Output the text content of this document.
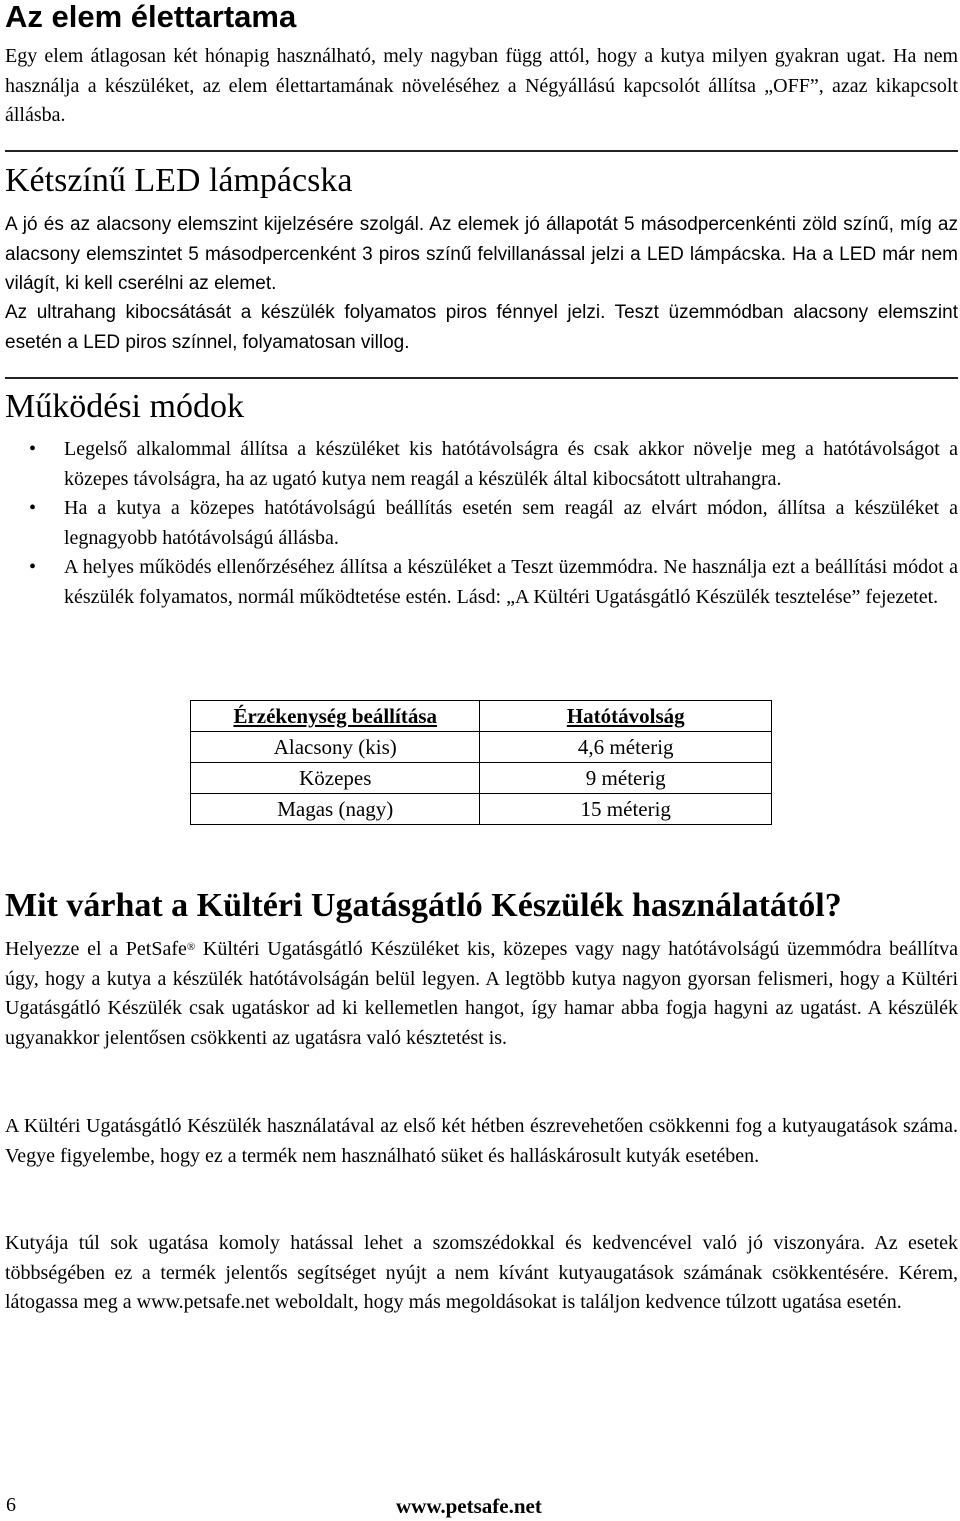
Az elem élettartama
Egy elem átlagosan két hónapig használható, mely nagyban függ attól, hogy a kutya milyen gyakran ugat. Ha nem használja a készüléket, az elem élettartamának növeléséhez a Négyállású kapcsolót állítsa „OFF”, azaz kikapcsolt állásba.
Kétszínű LED lámpácska
A jó és az alacsony elemszint kijelzésére szolgál. Az elemek jó állapotát 5 másodpercenkénti zöld színű, míg az alacsony elemszintet 5 másodpercenként 3 piros színű felvillanással jelzi a LED lámpácska. Ha a LED már nem világít, ki kell cserélni az elemet.
Az ultrahang kibocsátását a készülék folyamatos piros fénnyel jelzi. Teszt üzemmódban alacsony elemszint esetén a LED piros színnel, folyamatosan villog.
Működési módok
• Legelső alkalommal állítsa a készüléket kis hatótávolságra és csak akkor növelje meg a hatótávolságot a közepes távolságra, ha az ugató kutya nem reagál a készülék által kibocsátott ultrahangra.
• Ha a kutya a közepes hatótávolságú beállítás esetén sem reagál az elvárt módon, állítsa a készüléket a legnagyobb hatótávolságú állásba.
• A helyes működés ellenőrzéséhez állítsa a készüléket a Teszt üzemmódra. Ne használja ezt a beállítási módot a készülék folyamatos, normál működtetése estén. Lásd: „A Kültéri Ugatásgátló Készülék tesztelése” fejezetet.
Érzékenység beállítása	Hatótávolság
Alacsony (kis)	4,6 méterig
Közepes	9 méterig
Magas (nagy)	15 méterig
Mit várhat a Kültéri Ugatásgátló Készülék használatától?
Helyezze el a PetSafe® Kültéri Ugatásgátló Készüléket kis, közepes vagy nagy hatótávolságú üzemmódra beállítva úgy, hogy a kutya a készülék hatótávolságán belül legyen. A legtöbb kutya nagyon gyorsan felismeri, hogy a Kültéri Ugatásgátló Készülék csak ugatáskor ad ki kellemetlen hangot, így hamar abba fogja hagyni az ugatást. A készülék ugyanakkor jelentősen csökkenti az ugatásra való késztetést is.
A Kültéri Ugatásgátló Készülék használatával az első két hétben észrevehetően csökkenni fog a kutyaugatások száma. Vegye figyelembe, hogy ez a termék nem használható süket és halláskárosult kutyák esetében.
Kutyája túl sok ugatása komoly hatással lehet a szomszédokkal és kedvencével való jó viszonyára. Az esetek többségében ez a termék jelentős segítséget nyújt a nem kívánt kutyaugatások számának csökkentésére. Kérem, látogassa meg a www.petsafe.net weboldalt, hogy más megoldásokat is találjon kedvence túlzott ugatása esetén.
6	www.petsafe.net
